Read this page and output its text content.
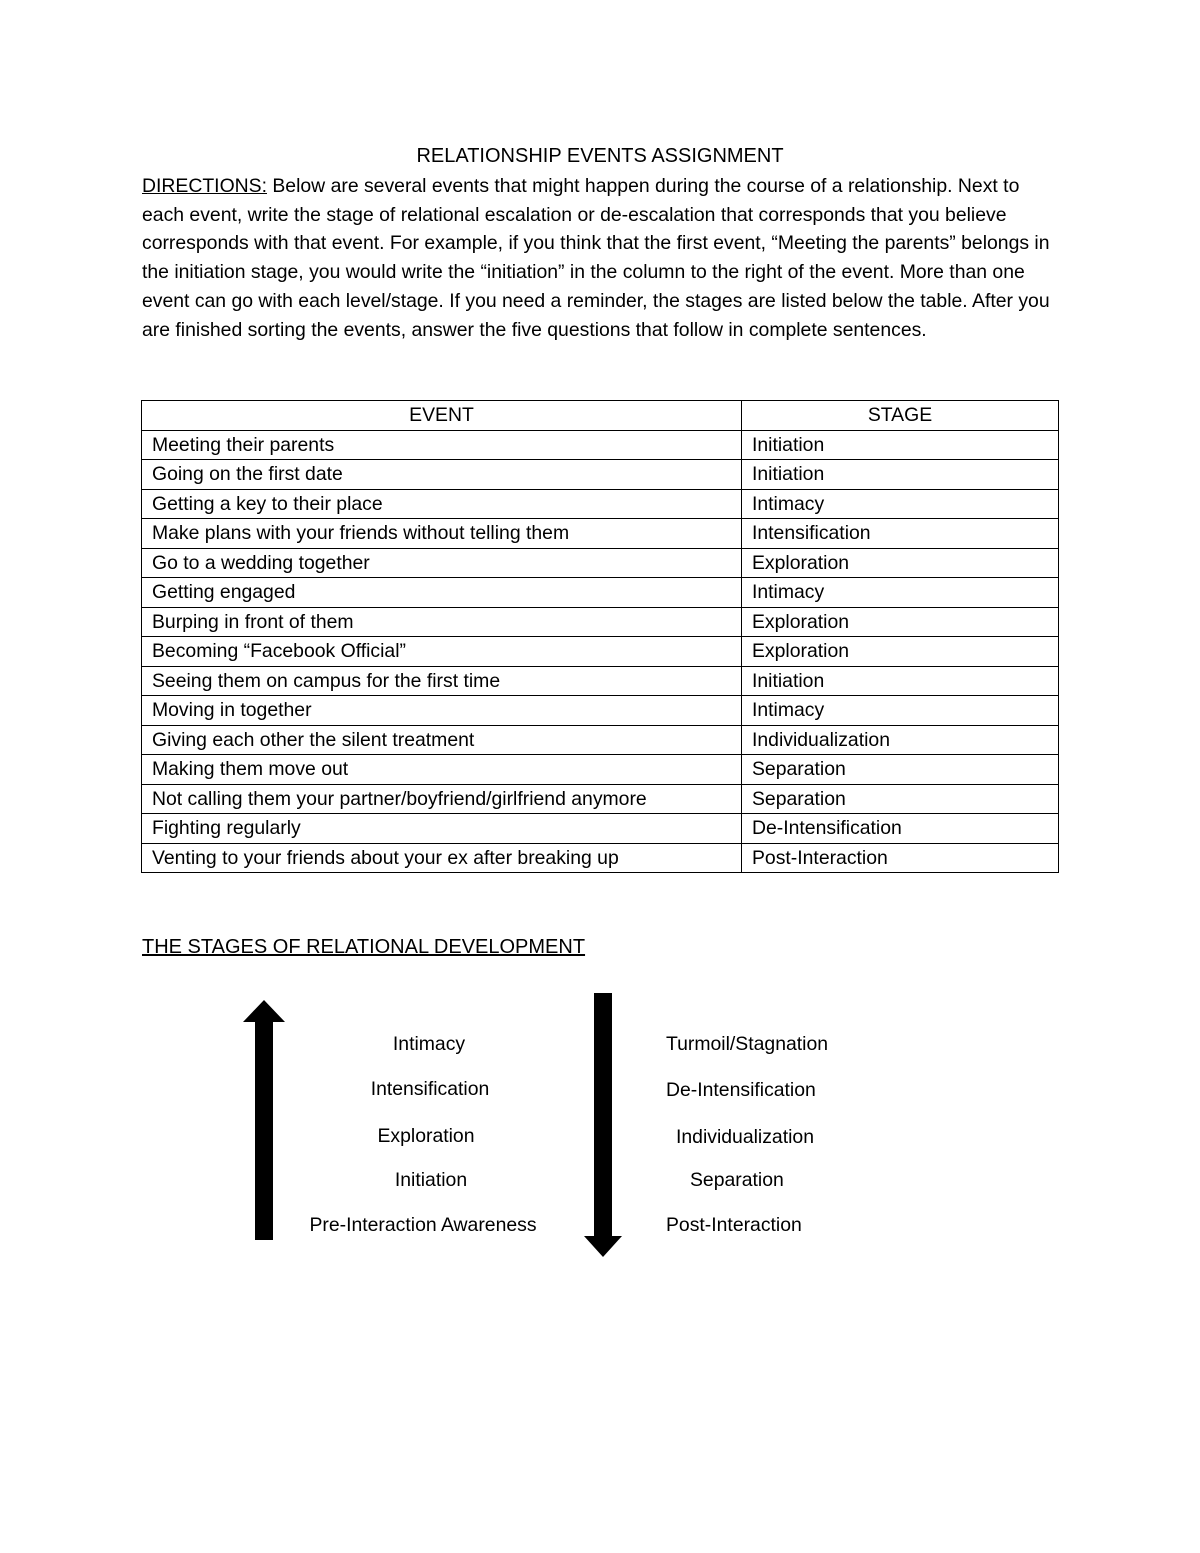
RELATIONSHIP EVENTS ASSIGNMENT
DIRECTIONS: Below are several events that might happen during the course of a relationship. Next to each event, write the stage of relational escalation or de-escalation that corresponds that you believe corresponds with that event. For example, if you think that the first event, “Meeting the parents” belongs in the initiation stage, you would write the “initiation” in the column to the right of the event. More than one event can go with each level/stage. If you need a reminder, the stages are listed below the table. After you are finished sorting the events, answer the five questions that follow in complete sentences.
EVENT	STAGE
Meeting their parents	Initiation
Going on the first date	Initiation
Getting a key to their place	Intimacy
Make plans with your friends without telling them	Intensification
Go to a wedding together	Exploration
Getting engaged	Intimacy
Burping in front of them	Exploration
Becoming “Facebook Official”	Exploration
Seeing them on campus for the first time	Initiation
Moving in together	Intimacy
Giving each other the silent treatment	Individualization
Making them move out	Separation
Not calling them your partner/boyfriend/girlfriend anymore	Separation
Fighting regularly	De-Intensification
Venting to your friends about your ex after breaking up	Post-Interaction
THE STAGES OF RELATIONAL DEVELOPMENT
Intimacy
Intensification
Exploration
Initiation
Pre-Interaction Awareness
Turmoil/Stagnation
De-Intensification
Individualization
Separation
Post-Interaction
